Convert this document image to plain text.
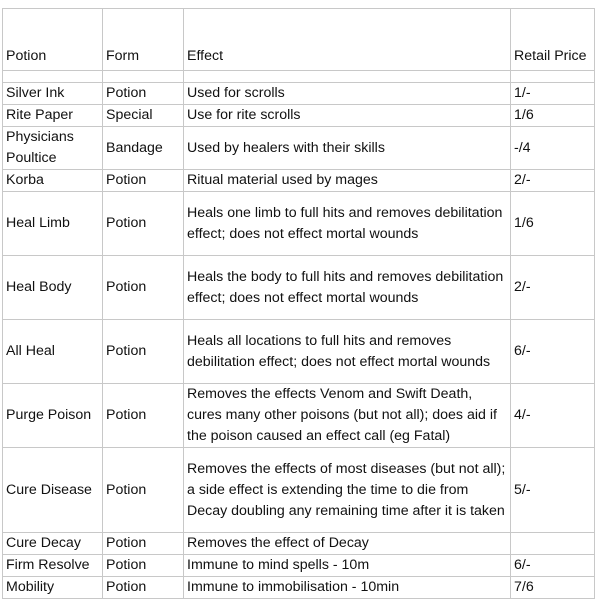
Potion	Form	Effect	Retail Price

Silver Ink	Potion	Used for scrolls	1/-
Rite Paper	Special	Use for rite scrolls	1/6
Physicians Poultice	Bandage	Used by healers with their skills	-/4
Korba	Potion	Ritual material used by mages	2/-
Heal Limb	Potion	Heals one limb to full hits and removes debilitation effect; does not effect mortal wounds	1/6
Heal Body	Potion	Heals the body to full hits and removes debilitation effect; does not effect mortal wounds	2/-
All Heal	Potion	Heals all locations to full hits and removes debilitation effect; does not effect mortal wounds	6/-
Purge Poison	Potion	Removes the effects Venom and Swift Death, cures many other poisons (but not all); does aid if the poison caused an effect call (eg Fatal)	4/-
Cure Disease	Potion	Removes the effects of most diseases (but not all); a side effect is extending the time to die from Decay doubling any remaining time after it is taken	5/-
Cure Decay	Potion	Removes the effect of Decay	
Firm Resolve	Potion	Immune to mind spells - 10m	6/-
Mobility	Potion	Immune to immobilisation - 10min	7/6
